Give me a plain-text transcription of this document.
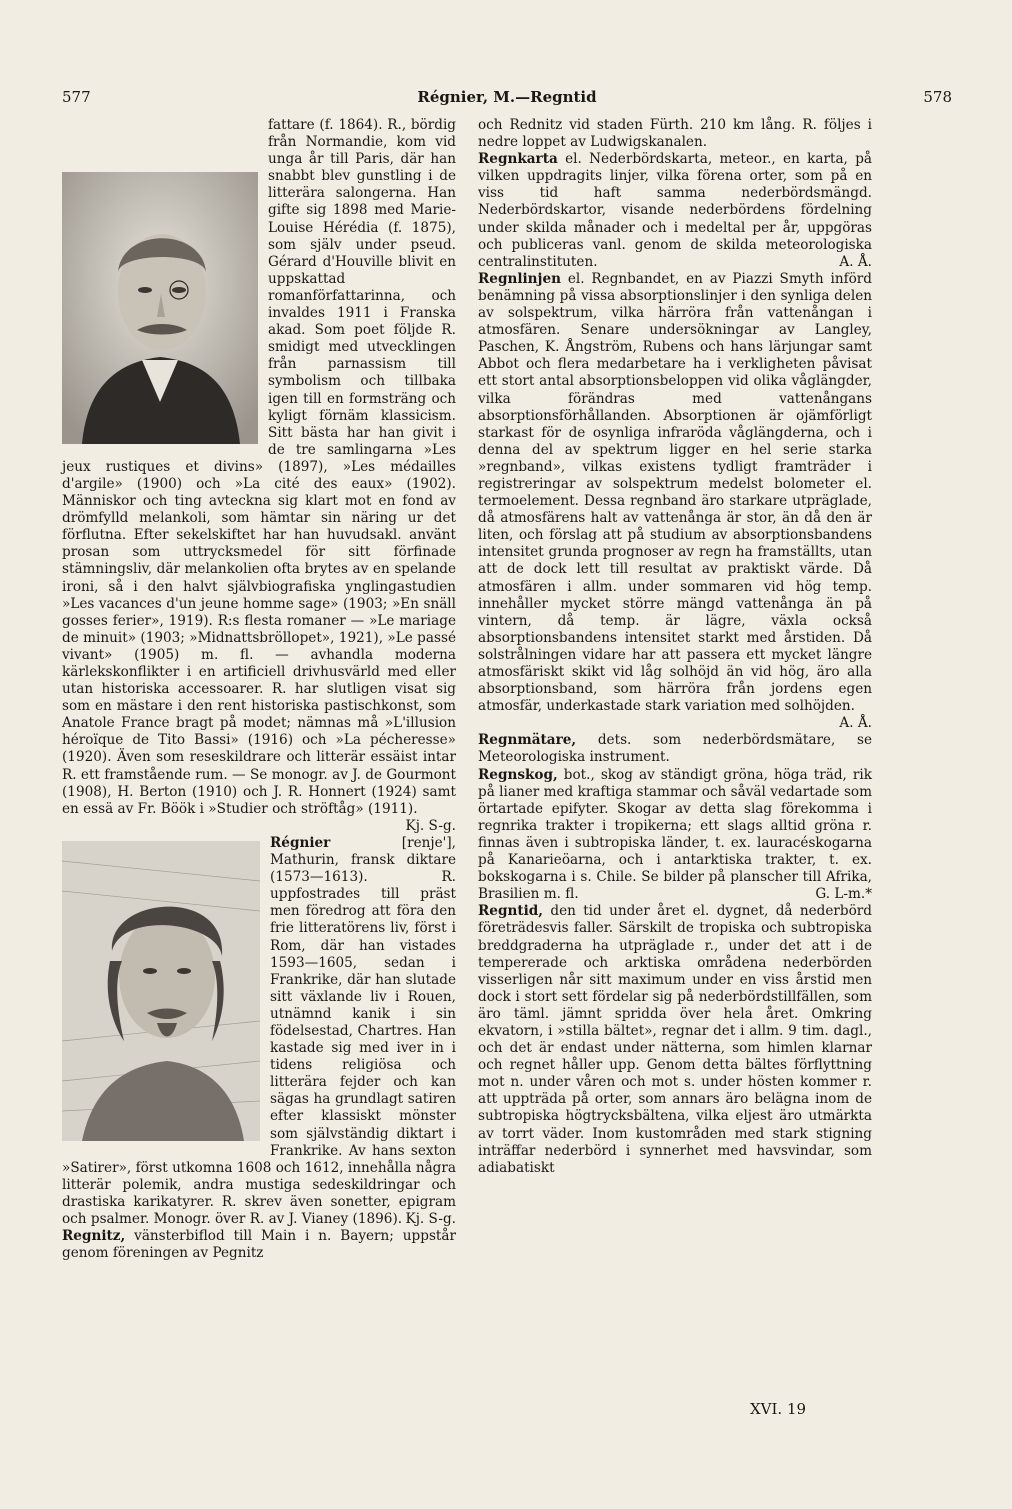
577	Régnier, M.—Regntid	578

fattare (f. 1864). R., bördig från Normandie, kom vid unga år till Paris, där han snabbt blev gunstling i de litterära salongerna. Han gifte sig 1898 med Marie-Louise Hérédia (f. 1875), som själv under pseud. Gérard d'Houville blivit en uppskattad romanförfattarinna, och invaldes 1911 i Franska akad. Som poet följde R. smidigt med utvecklingen från parnassism till symbolism och tillbaka igen till en formsträng och kyligt förnäm klassicism. Sitt bästa har han givit i de tre samlingarna »Les jeux rustiques et divins» (1897), »Les médailles d'argile» (1900) och »La cité des eaux» (1902). Människor och ting avteckna sig klart mot en fond av drömfylld melankoli, som hämtar sin näring ur det förflutna. Efter sekelskiftet har han huvudsakl. använt prosan som uttrycksmedel för sitt förfinade stämningsliv, där melankolien ofta brytes av en spelande ironi, så i den halvt självbiografiska ynglingastudien »Les vacances d'un jeune homme sage» (1903; »En snäll gosses ferier», 1919). R:s flesta romaner — »Le mariage de minuit» (1903; »Midnattsbröllopet», 1921), »Le passé vivant» (1905) m. fl. — avhandla moderna kärlekskonflikter i en artificiell drivhusvärld med eller utan historiska accessoarer. R. har slutligen visat sig som en mästare i den rent historiska pastischkonst, som Anatole France bragt på modet; nämnas må »L'illusion héroïque de Tito Bassi» (1916) och »La pécheresse» (1920). Även som reseskildrare och litterär essäist intar R. ett framstående rum. — Se monogr. av J. de Gourmont (1908), H. Berton (1910) och J. R. Honnert (1924) samt en essä av Fr. Böök i »Studier och ströftåg» (1911).
Kj. S-g.

Régnier	[renje'], Mathurin, fransk diktare (1573—1613). R. uppfostrades till präst men föredrog att föra den frie litteratörens liv, först i Rom, där han vistades 1593—1605, sedan i Frankrike, där han slutade sitt växlande liv i Rouen, utnämnd kanik i sin födelsestad, Chartres. Han kastade sig med iver in i tidens religiösa och litterära fejder och kan sägas ha grundlagt satiren efter klassiskt mönster som självständig diktart i Frankrike. Av hans sexton »Satirer», först utkomna 1608 och 1612, innehålla några litterär polemik, andra mustiga sedeskildringar och drastiska karikatyrer. R. skrev även sonetter, epigram och psalmer. Monogr. över R. av J. Vianey (1896). Kj. S-g.

Regnitz, vänsterbiflod till Main i n. Bayern; uppstår genom föreningen av Pegnitz

och Rednitz vid staden Fürth. 210 km lång. R. följes i nedre loppet av Ludwigskanalen.

Regnkarta el. Nederbördskarta, meteor., en karta, på vilken uppdragits linjer, vilka förena orter, som på en viss tid haft samma nederbördsmängd. Nederbördskartor, visande nederbördens fördelning under skilda månader och i medeltal per år, uppgöras och publiceras vanl. genom de skilda meteorologiska centralinstituten.	A. Å.

Regnlinjen el. Regnbandet, en av Piazzi Smyth införd benämning på vissa absorptionslinjer i den synliga delen av solspektrum, vilka härröra från vattenångan i atmosfären. Senare undersökningar av Langley, Paschen, K. Ångström, Rubens och hans lärjungar samt Abbot och flera medarbetare ha i verkligheten påvisat ett stort antal absorptionsbeloppen vid olika våglängder, vilka förändras med vattenångans absorptionsförhållanden. Absorptionen är ojämförligt starkast för de osynliga infraröda våglängderna, och i denna del av spektrum ligger en hel serie starka »regnband», vilkas existens tydligt framträder i registreringar av solspektrum medelst bolometer el. termoelement. Dessa regnband äro starkare utpräglade, då atmosfärens halt av vattenånga är stor, än då den är liten, och förslag att på studium av absorptionsbandens intensitet grunda prognoser av regn ha framställts, utan att de dock lett till resultat av praktiskt värde. Då atmosfären i allm. under sommaren vid hög temp. innehåller mycket större mängd vattenånga än på vintern, då temp. är lägre, växla också absorptionsbandens intensitet starkt med årstiden. Då solstrålningen vidare har att passera ett mycket längre atmosfäriskt skikt vid låg solhöjd än vid hög, äro alla absorptionsband, som härröra från jordens egen atmosfär, underkastade stark variation med solhöjden.
A. Å.

Regnmätare, dets. som nederbördsmätare, se Meteorologiska instrument.

Regnskog, bot., skog av ständigt gröna, höga träd, rik på lianer med kraftiga stammar och såväl vedartade som örtartade epifyter. Skogar av detta slag förekomma i regnrika trakter i tropikerna; ett slags alltid gröna r. finnas även i subtropiska länder, t. ex. lauracéskogarna på Kanarieöarna, och i antarktiska trakter, t. ex. bokskogarna i s. Chile. Se bilder på planscher till Afrika, Brasilien m. fl.	G. L-m.*

Regntid, den tid under året el. dygnet, då nederbörd företrädesvis faller. Särskilt de tropiska och subtropiska breddgraderna ha utpräglade r., under det att i de tempererade och arktiska områdena nederbörden visserligen når sitt maximum under en viss årstid men dock i stort sett fördelar sig på nederbördstillfällen, som äro täml. jämnt spridda över hela året. Omkring ekvatorn, i »stilla bältet», regnar det i allm. 9 tim. dagl., och det är endast under nätterna, som himlen klarnar och regnet håller upp. Genom detta bältes förflyttning mot n. under våren och mot s. under hösten kommer r. att uppträda på orter, som annars äro belägna inom de subtropiska högtrycksbältena, vilka eljest äro utmärkta av torrt väder. Inom kustområden med stark stigning inträffar nederbörd i synnerhet med havsvindar, som adiabatiskt

XVI. 19
